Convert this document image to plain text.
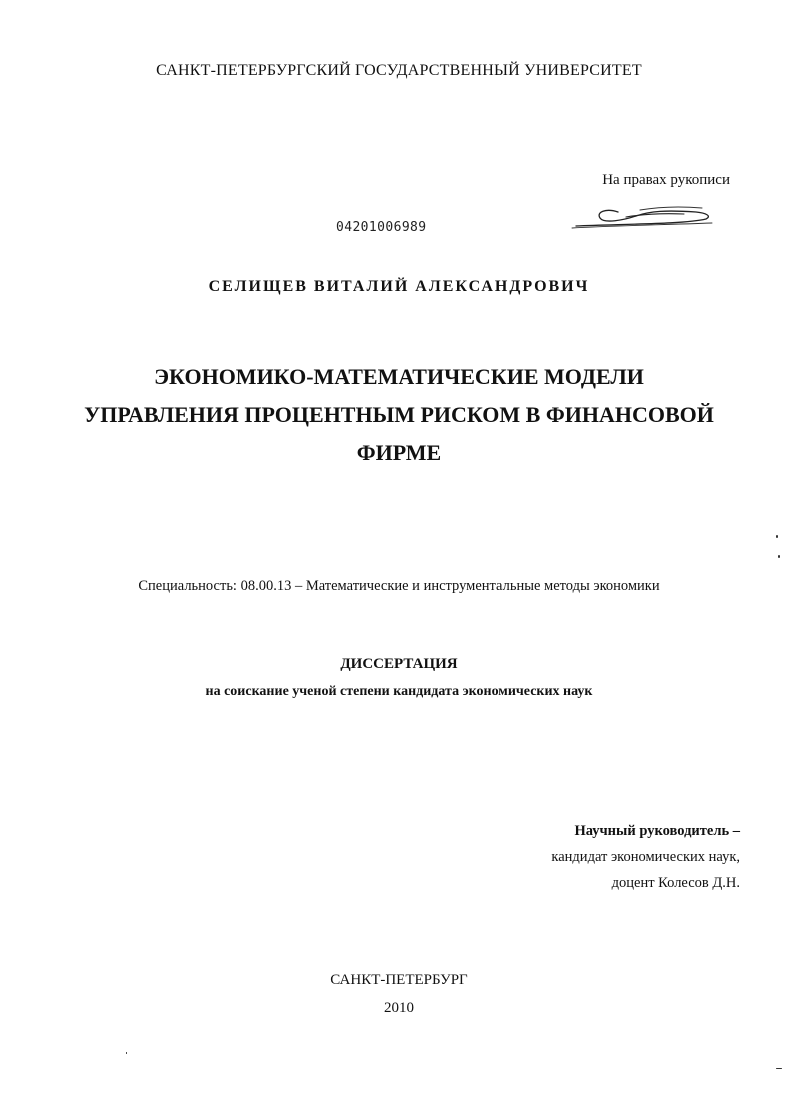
САНКТ-ПЕТЕРБУРГСКИЙ ГОСУДАРСТВЕННЫЙ УНИВЕРСИТЕТ
На правах рукописи
04201006989
СЕЛИЩЕВ ВИТАЛИЙ АЛЕКСАНДРОВИЧ
ЭКОНОМИКО-МАТЕМАТИЧЕСКИЕ МОДЕЛИ
УПРАВЛЕНИЯ ПРОЦЕНТНЫМ РИСКОМ В ФИНАНСОВОЙ
ФИРМЕ
Специальность: 08.00.13 – Математические и инструментальные методы экономики
ДИССЕРТАЦИЯ
на соискание ученой степени кандидата экономических наук
Научный руководитель –
кандидат экономических наук,
доцент Колесов Д.Н.
САНКТ-ПЕТЕРБУРГ
2010
